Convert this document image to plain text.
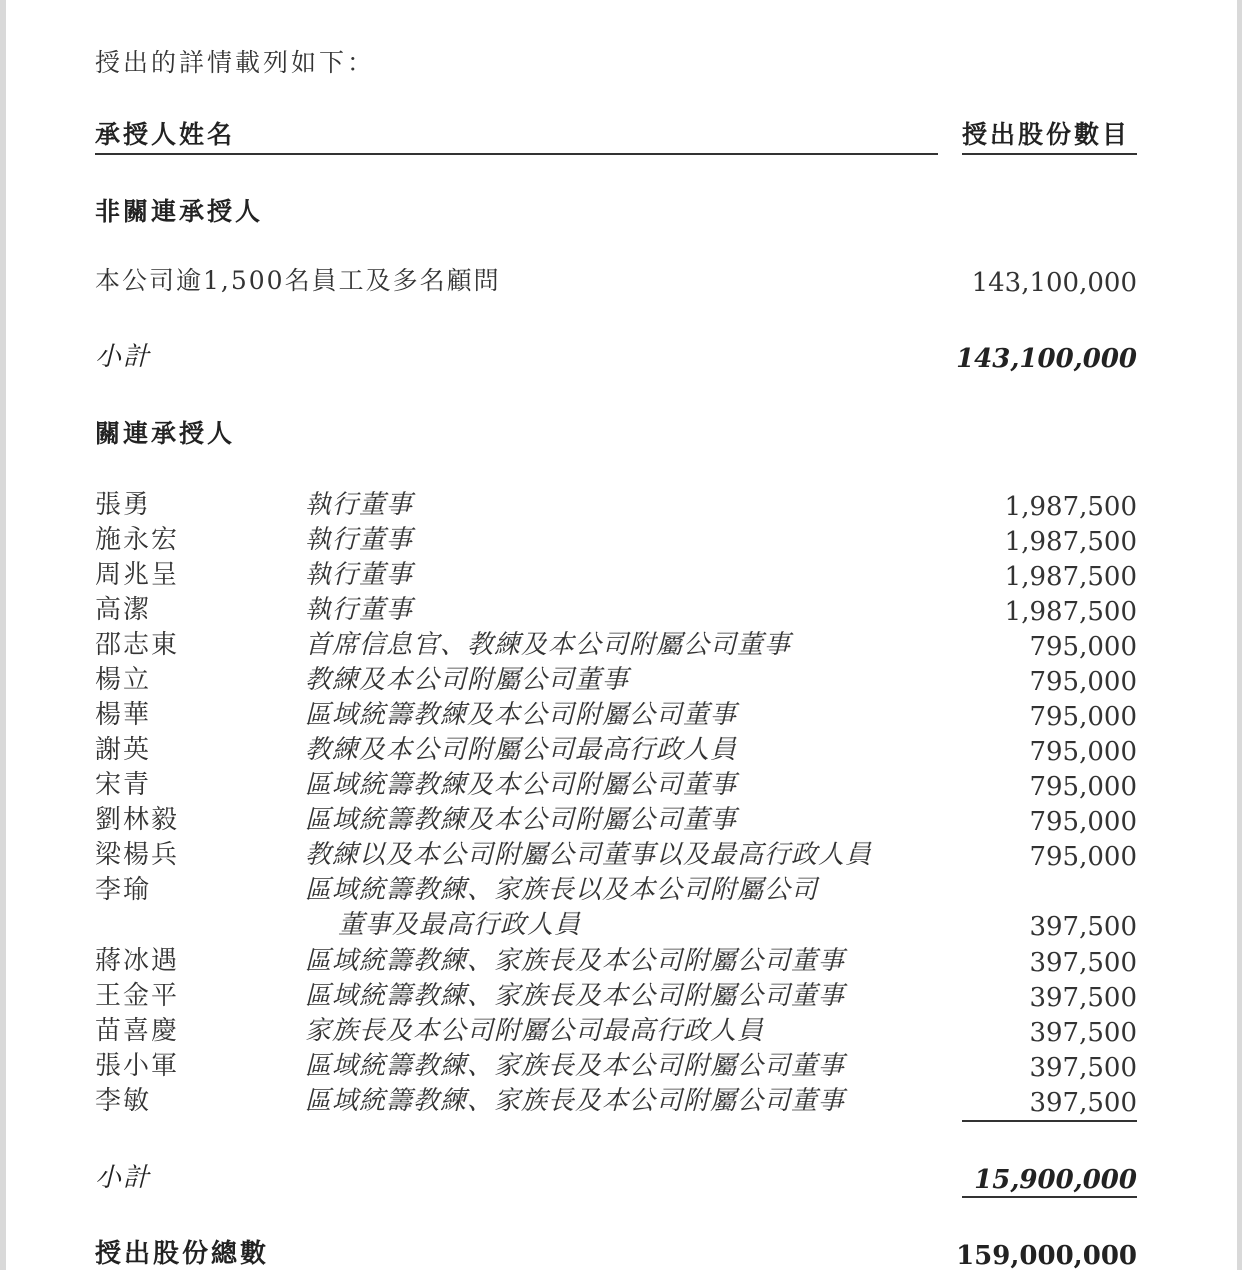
授出的詳情載列如下：
承授人姓名	授出股份數目
非關連承授人
本公司逾1,500名員工及多名顧問	143,100,000
小計	143,100,000
關連承授人
張勇	執行董事	1,987,500
施永宏	執行董事	1,987,500
周兆呈	執行董事	1,987,500
高潔	執行董事	1,987,500
邵志東	首席信息官、教練及本公司附屬公司董事	795,000
楊立	教練及本公司附屬公司董事	795,000
楊華	區域統籌教練及本公司附屬公司董事	795,000
謝英	教練及本公司附屬公司最高行政人員	795,000
宋青	區域統籌教練及本公司附屬公司董事	795,000
劉林毅	區域統籌教練及本公司附屬公司董事	795,000
梁楊兵	教練以及本公司附屬公司董事以及最高行政人員	795,000
李瑜	區域統籌教練、家族長以及本公司附屬公司
董事及最高行政人員	397,500
蔣冰遇	區域統籌教練、家族長及本公司附屬公司董事	397,500
王金平	區域統籌教練、家族長及本公司附屬公司董事	397,500
苗喜慶	家族長及本公司附屬公司最高行政人員	397,500
張小軍	區域統籌教練、家族長及本公司附屬公司董事	397,500
李敏	區域統籌教練、家族長及本公司附屬公司董事	397,500
小計	15,900,000
授出股份總數	159,000,000
